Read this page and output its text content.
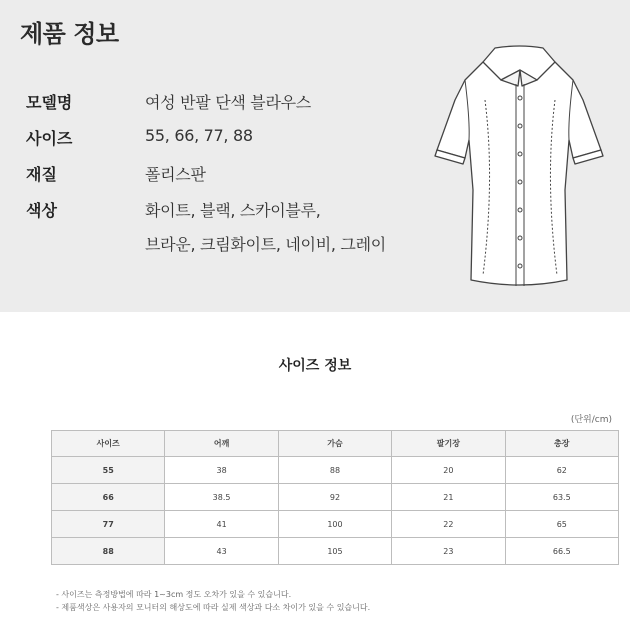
제품 정보
모델명	여성 반팔 단색 블라우스
사이즈	55, 66, 77, 88
재질	폴리스판
색상	화이트, 블랙, 스카이블루,
브라운, 크림화이트, 네이비, 그레이
사이즈 정보
(단위/cm)
사이즈	어깨	가슴	팔기장	총장
55	38	88	20	62
66	38.5	92	21	63.5
77	41	100	22	65
88	43	105	23	66.5
- 사이즈는 측정방법에 따라 1~3cm 정도 오차가 있을 수 있습니다.
- 제품색상은 사용자의 모니터의 해상도에 따라 실제 색상과 다소 차이가 있을 수 있습니다.
